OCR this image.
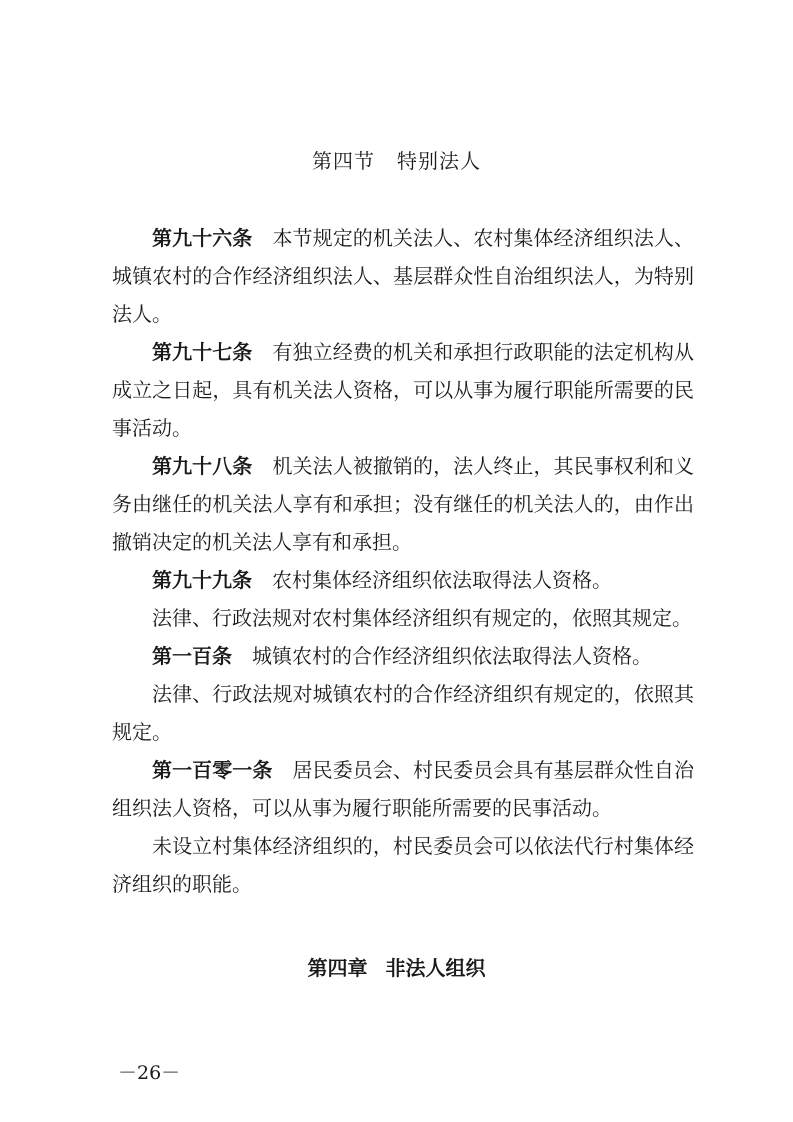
第四节 特别法人

第九十六条 本节规定的机关法人、农村集体经济组织法人、城镇农村的合作经济组织法人、基层群众性自治组织法人，为特别法人。

第九十七条 有独立经费的机关和承担行政职能的法定机构从成立之日起，具有机关法人资格，可以从事为履行职能所需要的民事活动。

第九十八条 机关法人被撤销的，法人终止，其民事权利和义务由继任的机关法人享有和承担；没有继任的机关法人的，由作出撤销决定的机关法人享有和承担。

第九十九条 农村集体经济组织依法取得法人资格。

法律、行政法规对农村集体经济组织有规定的，依照其规定。

第一百条 城镇农村的合作经济组织依法取得法人资格。

法律、行政法规对城镇农村的合作经济组织有规定的，依照其规定。

第一百零一条 居民委员会、村民委员会具有基层群众性自治组织法人资格，可以从事为履行职能所需要的民事活动。

未设立村集体经济组织的，村民委员会可以依法代行村集体经济组织的职能。

第四章 非法人组织
－26－
